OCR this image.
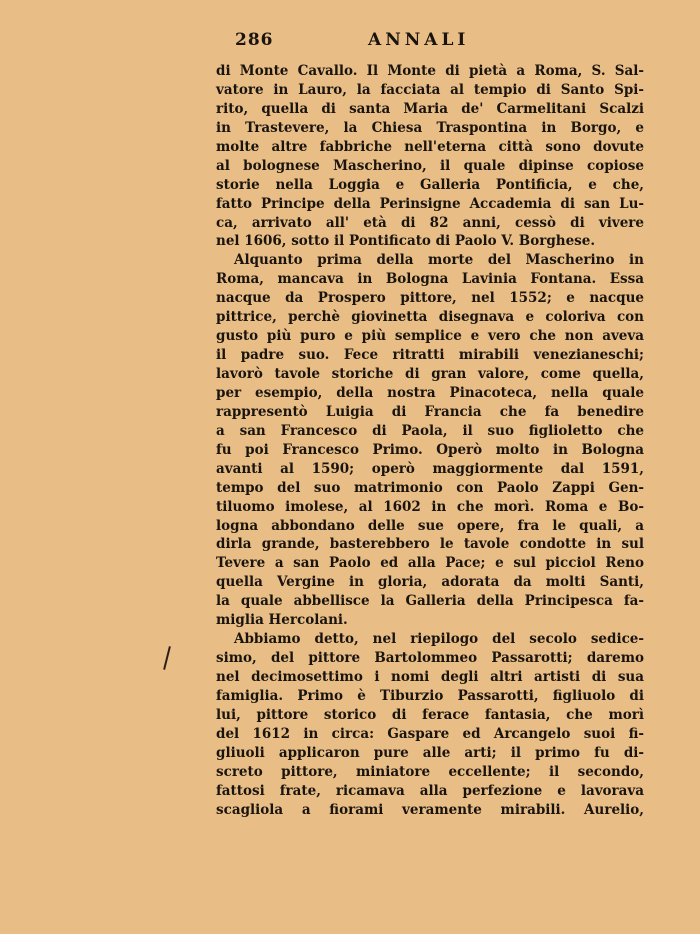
286	ANNALI
di Monte Cavallo. Il Monte di pietà a Roma, S. Sal-
vatore in Lauro, la facciata al tempio di Santo Spi-
rito, quella di santa Maria de' Carmelitani Scalzi
in Trastevere, la Chiesa Traspontina in Borgo, e
molte altre fabbriche nell'eterna città sono dovute
al bolognese Mascherino, il quale dipinse copiose
storie nella Loggia e Galleria Pontificia, e che,
fatto Principe della Perinsigne Accademia di san Lu-
ca, arrivato all' età di 82 anni, cessò di vivere
nel 1606, sotto il Pontificato di Paolo V. Borghese.
Alquanto prima della morte del Mascherino in
Roma, mancava in Bologna Lavinia Fontana. Essa
nacque da Prospero pittore, nel 1552; e nacque
pittrice, perchè giovinetta disegnava e coloriva con
gusto più puro e più semplice e vero che non aveva
il padre suo. Fece ritratti mirabili venezianeschi;
lavorò tavole storiche di gran valore, come quella,
per esempio, della nostra Pinacoteca, nella quale
rappresentò Luigia di Francia che fa benedire
a san Francesco di Paola, il suo figlioletto che
fu poi Francesco Primo. Operò molto in Bologna
avanti al 1590; operò maggiormente dal 1591,
tempo del suo matrimonio con Paolo Zappi Gen-
tiluomo imolese, al 1602 in che morì. Roma e Bo-
logna abbondano delle sue opere, fra le quali, a
dirla grande, basterebbero le tavole condotte in sul
Tevere a san Paolo ed alla Pace; e sul picciol Reno
quella Vergine in gloria, adorata da molti Santi,
la quale abbellisce la Galleria della Principesca fa-
miglia Hercolani.
Abbiamo detto, nel riepilogo del secolo sedice-
simo, del pittore Bartolommeo Passarotti; daremo
nel decimosettimo i nomi degli altri artisti di sua
famiglia. Primo è Tiburzio Passarotti, figliuolo di
lui, pittore storico di ferace fantasia, che morì
del 1612 in circa: Gaspare ed Arcangelo suoi fi-
gliuoli applicaron pure alle arti; il primo fu di-
screto pittore, miniatore eccellente; il secondo,
fattosi frate, ricamava alla perfezione e lavorava
scagliola a fiorami veramente mirabili. Aurelio,
